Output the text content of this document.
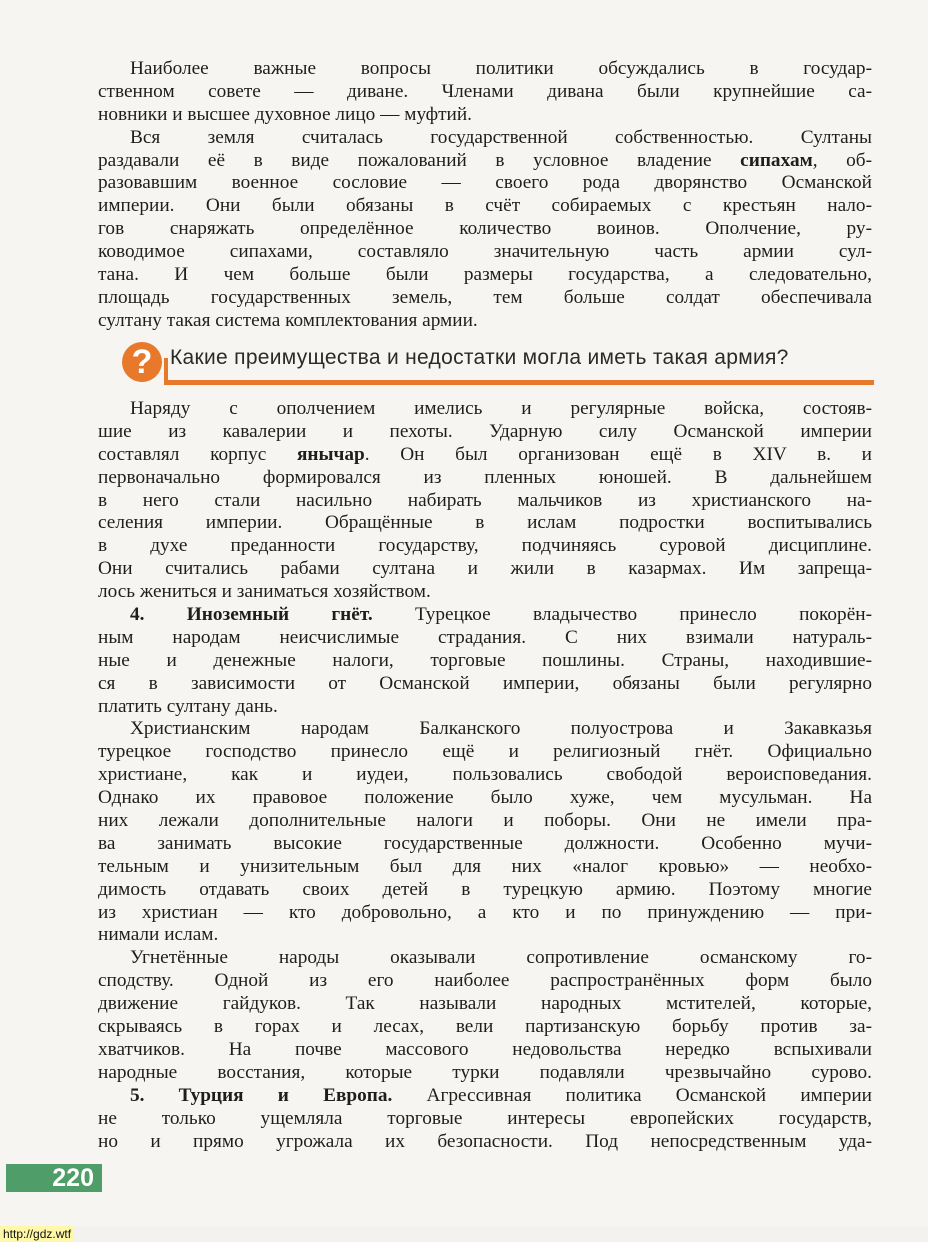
Наиболее важные вопросы политики обсуждались в государ-
ственном совете — диване. Членами дивана были крупнейшие са-
новники и высшее духовное лицо — муфтий.
Вся земля считалась государственной собственностью. Султаны
раздавали её в виде пожалований в условное владение сипахам, об-
разовавшим военное сословие — своего рода дворянство Османской
империи. Они были обязаны в счёт собираемых с крестьян нало-
гов снаряжать определённое количество воинов. Ополчение, ру-
ководимое сипахами, составляло значительную часть армии сул-
тана. И чем больше были размеры государства, а следовательно,
площадь государственных земель, тем больше солдат обеспечивала
султану такая система комплектования армии.
? Какие преимущества и недостатки могла иметь такая армия?
Наряду с ополчением имелись и регулярные войска, состояв-
шие из кавалерии и пехоты. Ударную силу Османской империи
составлял корпус янычар. Он был организован ещё в XIV в. и
первоначально формировался из пленных юношей. В дальнейшем
в него стали насильно набирать мальчиков из христианского на-
селения империи. Обращённые в ислам подростки воспитывались
в духе преданности государству, подчиняясь суровой дисциплине.
Они считались рабами султана и жили в казармах. Им запреща-
лось жениться и заниматься хозяйством.
4. Иноземный гнёт. Турецкое владычество принесло покорён-
ным народам неисчислимые страдания. С них взимали натураль-
ные и денежные налоги, торговые пошлины. Страны, находившие-
ся в зависимости от Османской империи, обязаны были регулярно
платить султану дань.
Христианским народам Балканского полуострова и Закавказья
турецкое господство принесло ещё и религиозный гнёт. Официально
христиане, как и иудеи, пользовались свободой вероисповедания.
Однако их правовое положение было хуже, чем мусульман. На
них лежали дополнительные налоги и поборы. Они не имели пра-
ва занимать высокие государственные должности. Особенно мучи-
тельным и унизительным был для них «налог кровью» — необхо-
димость отдавать своих детей в турецкую армию. Поэтому многие
из христиан — кто добровольно, а кто и по принуждению — при-
нимали ислам.
Угнетённые народы оказывали сопротивление османскому го-
сподству. Одной из его наиболее распространённых форм было
движение гайдуков. Так называли народных мстителей, которые,
скрываясь в горах и лесах, вели партизанскую борьбу против за-
хватчиков. На почве массового недовольства нередко вспыхивали
народные восстания, которые турки подавляли чрезвычайно сурово.
5. Турция и Европа. Агрессивная политика Османской империи
не только ущемляла торговые интересы европейских государств,
но и прямо угрожала их безопасности. Под непосредственным уда-
220
http://gdz.wtf
